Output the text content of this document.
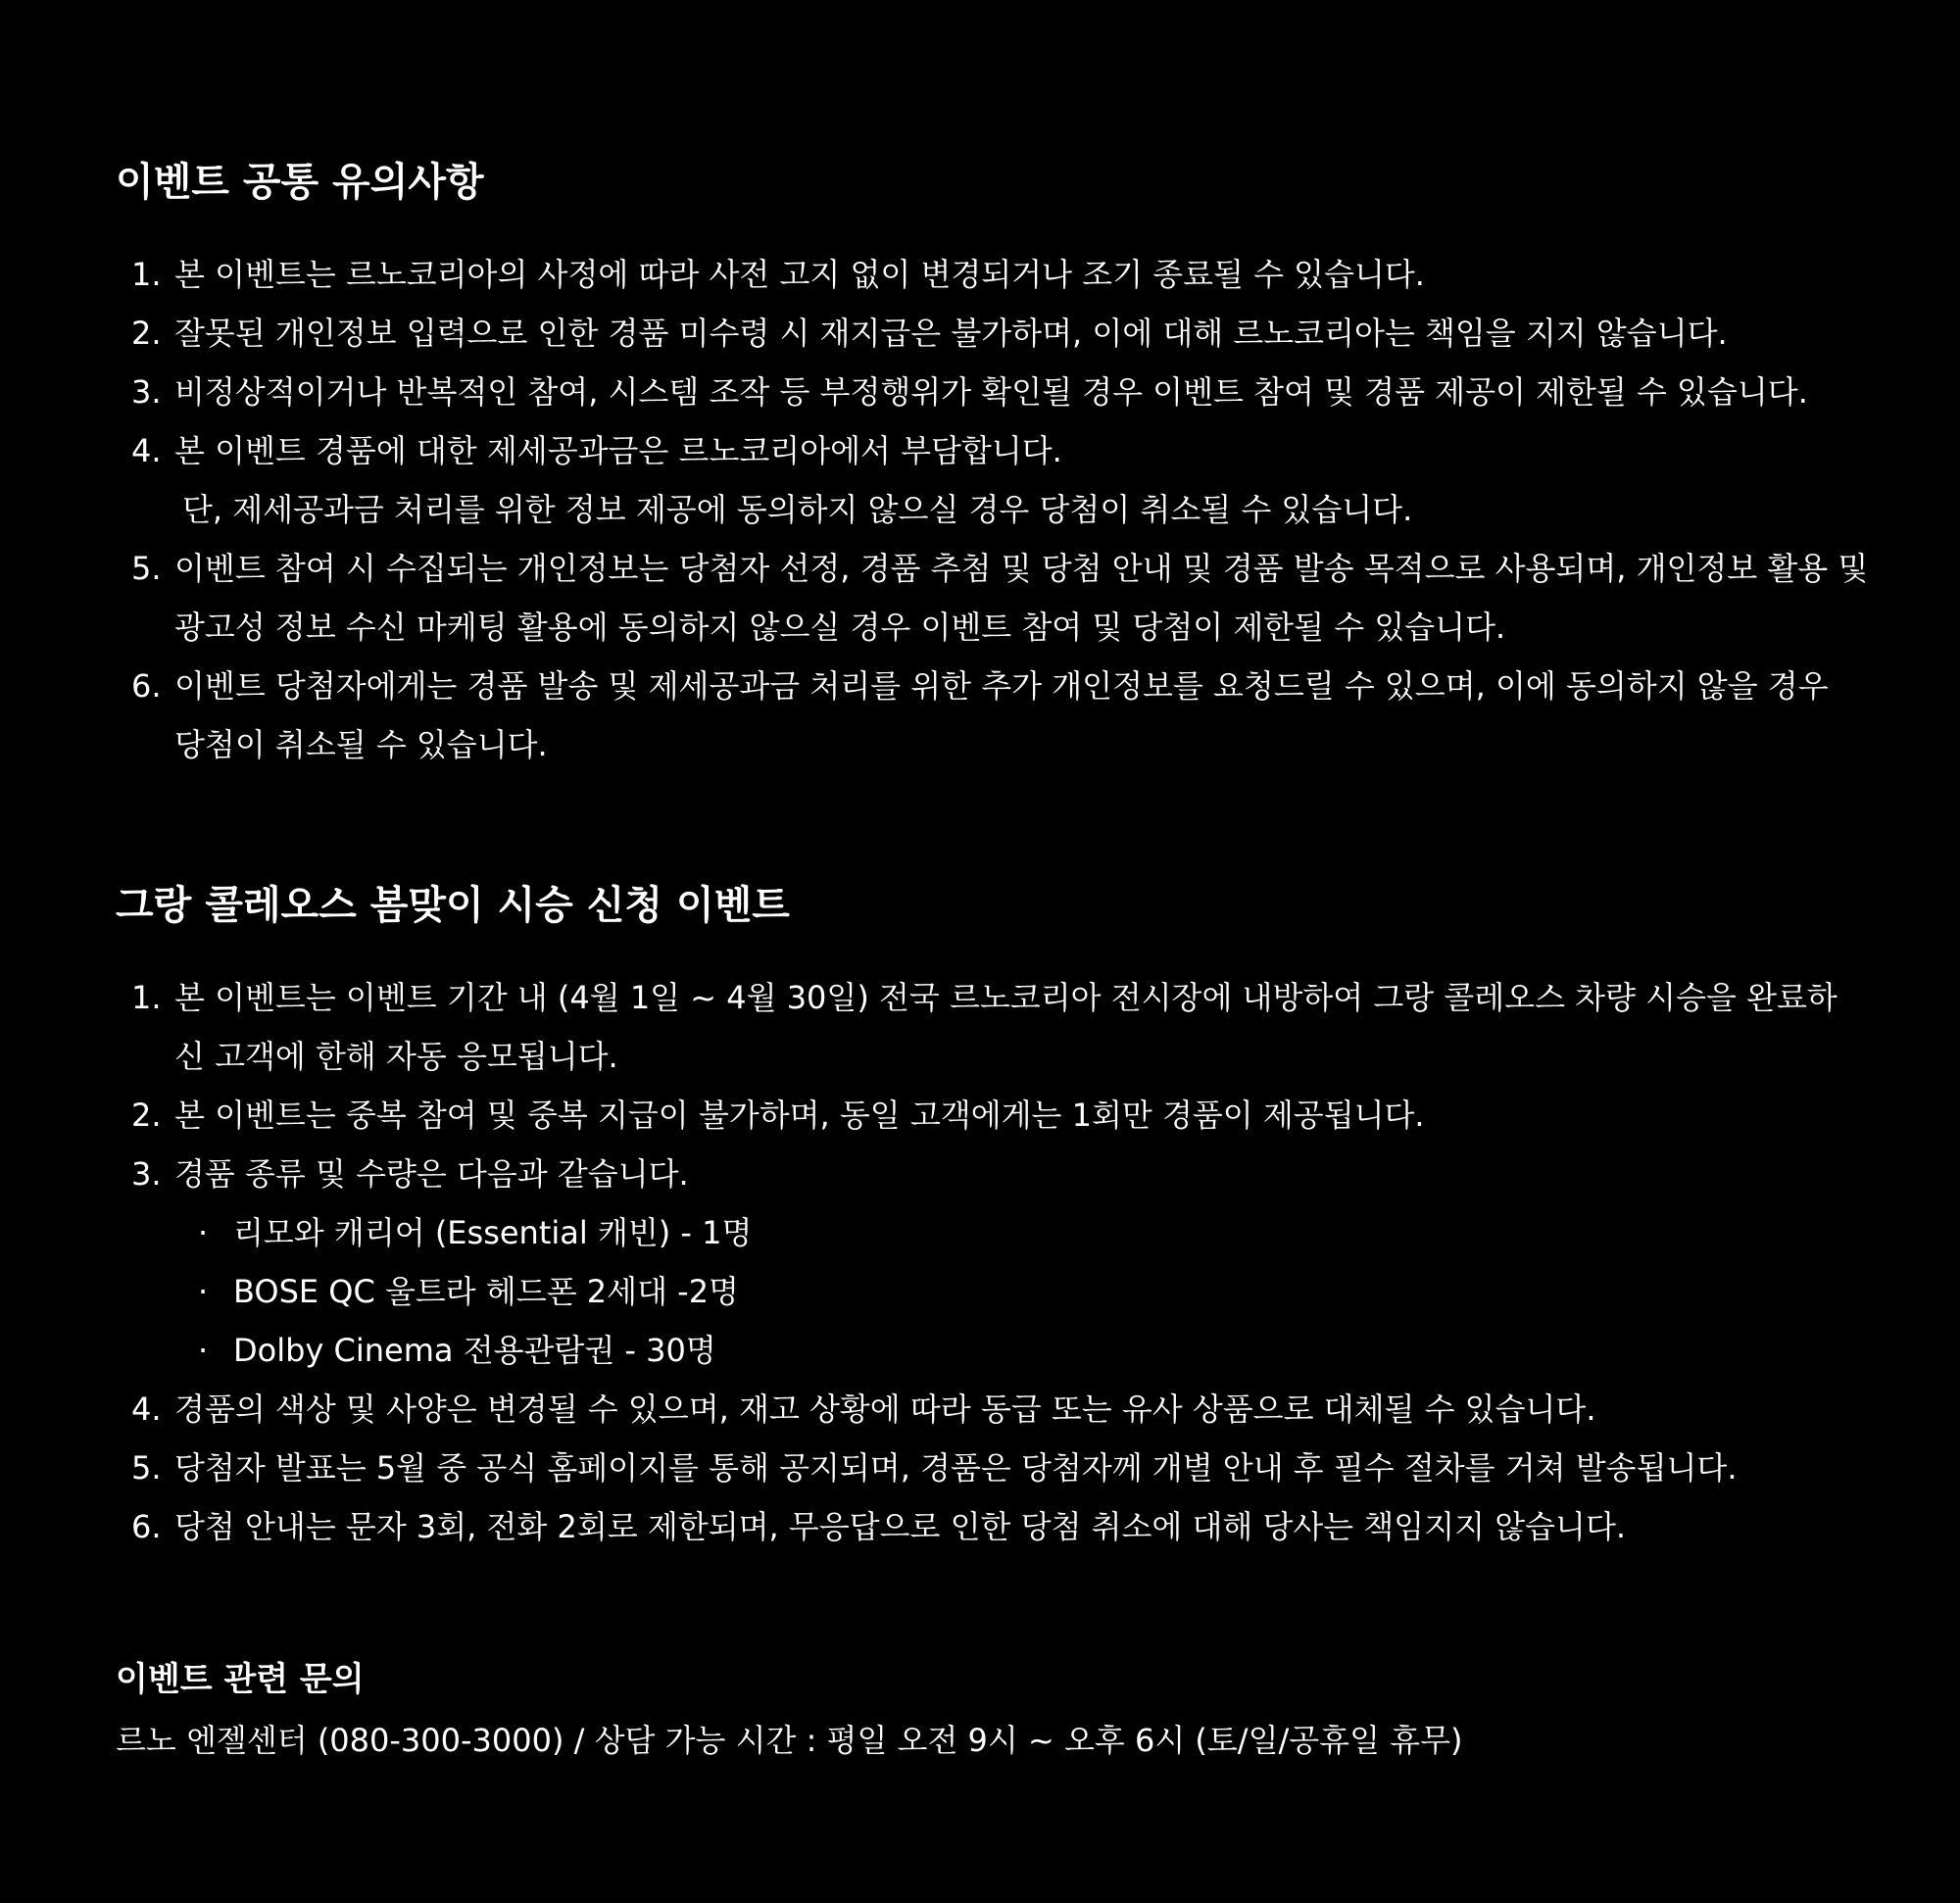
이벤트 공통 유의사항
1. 본 이벤트는 르노코리아의 사정에 따라 사전 고지 없이 변경되거나 조기 종료될 수 있습니다.
2. 잘못된 개인정보 입력으로 인한 경품 미수령 시 재지급은 불가하며, 이에 대해 르노코리아는 책임을 지지 않습니다.
3. 비정상적이거나 반복적인 참여, 시스템 조작 등 부정행위가 확인될 경우 이벤트 참여 및 경품 제공이 제한될 수 있습니다.
4. 본 이벤트 경품에 대한 제세공과금은 르노코리아에서 부담합니다.
단, 제세공과금 처리를 위한 정보 제공에 동의하지 않으실 경우 당첨이 취소될 수 있습니다.
5. 이벤트 참여 시 수집되는 개인정보는 당첨자 선정, 경품 추첨 및 당첨 안내 및 경품 발송 목적으로 사용되며, 개인정보 활용 및
광고성 정보 수신 마케팅 활용에 동의하지 않으실 경우 이벤트 참여 및 당첨이 제한될 수 있습니다.
6. 이벤트 당첨자에게는 경품 발송 및 제세공과금 처리를 위한 추가 개인정보를 요청드릴 수 있으며, 이에 동의하지 않을 경우
당첨이 취소될 수 있습니다.
그랑 콜레오스 봄맞이 시승 신청 이벤트
1. 본 이벤트는 이벤트 기간 내 (4월 1일 ~ 4월 30일) 전국 르노코리아 전시장에 내방하여 그랑 콜레오스 차량 시승을 완료하
신 고객에 한해 자동 응모됩니다.
2. 본 이벤트는 중복 참여 및 중복 지급이 불가하며, 동일 고객에게는 1회만 경품이 제공됩니다.
3. 경품 종류 및 수량은 다음과 같습니다.
· 리모와 캐리어 (Essential 캐빈) - 1명
· BOSE QC 울트라 헤드폰 2세대 -2명
· Dolby Cinema 전용관람권 - 30명
4. 경품의 색상 및 사양은 변경될 수 있으며, 재고 상황에 따라 동급 또는 유사 상품으로 대체될 수 있습니다.
5. 당첨자 발표는 5월 중 공식 홈페이지를 통해 공지되며, 경품은 당첨자께 개별 안내 후 필수 절차를 거쳐 발송됩니다.
6. 당첨 안내는 문자 3회, 전화 2회로 제한되며, 무응답으로 인한 당첨 취소에 대해 당사는 책임지지 않습니다.
이벤트 관련 문의

르노 엔젤센터 (080-300-3000) / 상담 가능 시간 : 평일 오전 9시 ~ 오후 6시 (토/일/공휴일 휴무)
